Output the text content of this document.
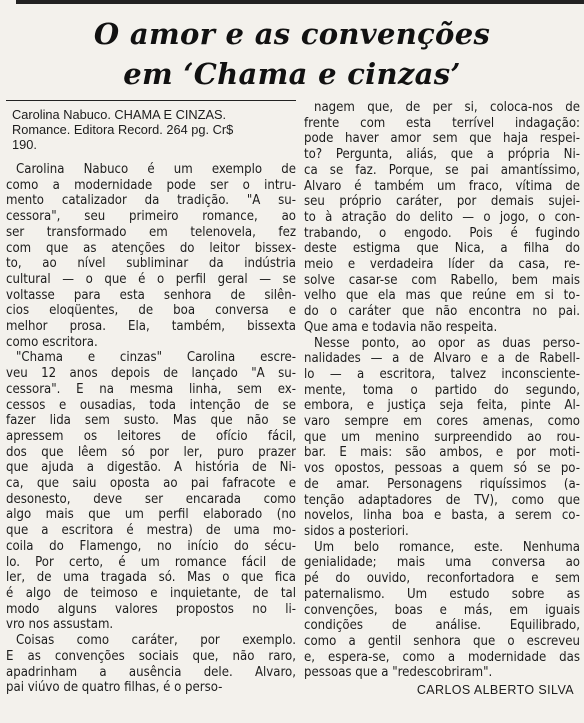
O amor e as convenções
em ‘Chama e cinzas’
Carolina Nabuco. CHAMA E CINZAS.
Romance. Editora Record. 264 pg. Cr$
190.
Carolina Nabuco é um exemplo de
como a modernidade pode ser o intru-
mento catalizador da tradição. "A su-
cessora", seu primeiro romance, ao
ser transformado em telenovela, fez
com que as atenções do leitor bissex-
to, ao nível subliminar da indústria
cultural — o que é o perfil geral — se
voltasse para esta senhora de silên-
cios eloqüentes, de boa conversa e
melhor prosa. Ela, também, bissexta
como escritora.
"Chama e cinzas" Carolina escre-
veu 12 anos depois de lançado "A su-
cessora". E na mesma linha, sem ex-
cessos e ousadias, toda intenção de se
fazer lida sem susto. Mas que não se
apressem os leitores de ofício fácil,
dos que lêem só por ler, puro prazer
que ajuda a digestão. A história de Ni-
ca, que saiu oposta ao pai fafracote e
desonesto, deve ser encarada como
algo mais que um perfil elaborado (no
que a escritora é mestra) de uma mo-
coila do Flamengo, no início do sécu-
lo. Por certo, é um romance fácil de
ler, de uma tragada só. Mas o que fica
é algo de teimoso e inquietante, de tal
modo alguns valores propostos no li-
vro nos assustam.
Coisas como caráter, por exemplo.
E as convenções sociais que, não raro,
apadrinham a ausência dele. Alvaro,
pai viúvo de quatro filhas, é o perso-
nagem que, de per si, coloca-nos de
frente com esta terrível indagação:
pode haver amor sem que haja respei-
to? Pergunta, aliás, que a própria Ni-
ca se faz. Porque, se pai amantíssimo,
Alvaro é também um fraco, vítima de
seu próprio caráter, por demais sujei-
to à atração do delito — o jogo, o con-
trabando, o engodo. Pois é fugindo
deste estigma que Nica, a filha do
meio e verdadeira líder da casa, re-
solve casar-se com Rabello, bem mais
velho que ela mas que reúne em si to-
do o caráter que não encontra no pai.
Que ama e todavia não respeita.
Nesse ponto, ao opor as duas perso-
nalidades — a de Alvaro e a de Rabell-
lo — a escritora, talvez inconsciente-
mente, toma o partido do segundo,
embora, e justiça seja feita, pinte Al-
varo sempre em cores amenas, como
que um menino surpreendido ao rou-
bar. E mais: são ambos, e por moti-
vos opostos, pessoas a quem só se po-
de amar. Personagens riquíssimos (a-
tenção adaptadores de TV), como que
novelos, linha boa e basta, a serem co-
sidos a posteriori.
Um belo romance, este. Nenhuma
genialidade; mais uma conversa ao
pé do ouvido, reconfortadora e sem
paternalismo. Um estudo sobre as
convenções, boas e más, em iguais
condições de análise. Equilibrado,
como a gentil senhora que o escreveu
e, espera-se, como a modernidade das
pessoas que a "redescobriram".
CARLOS ALBERTO SILVA
